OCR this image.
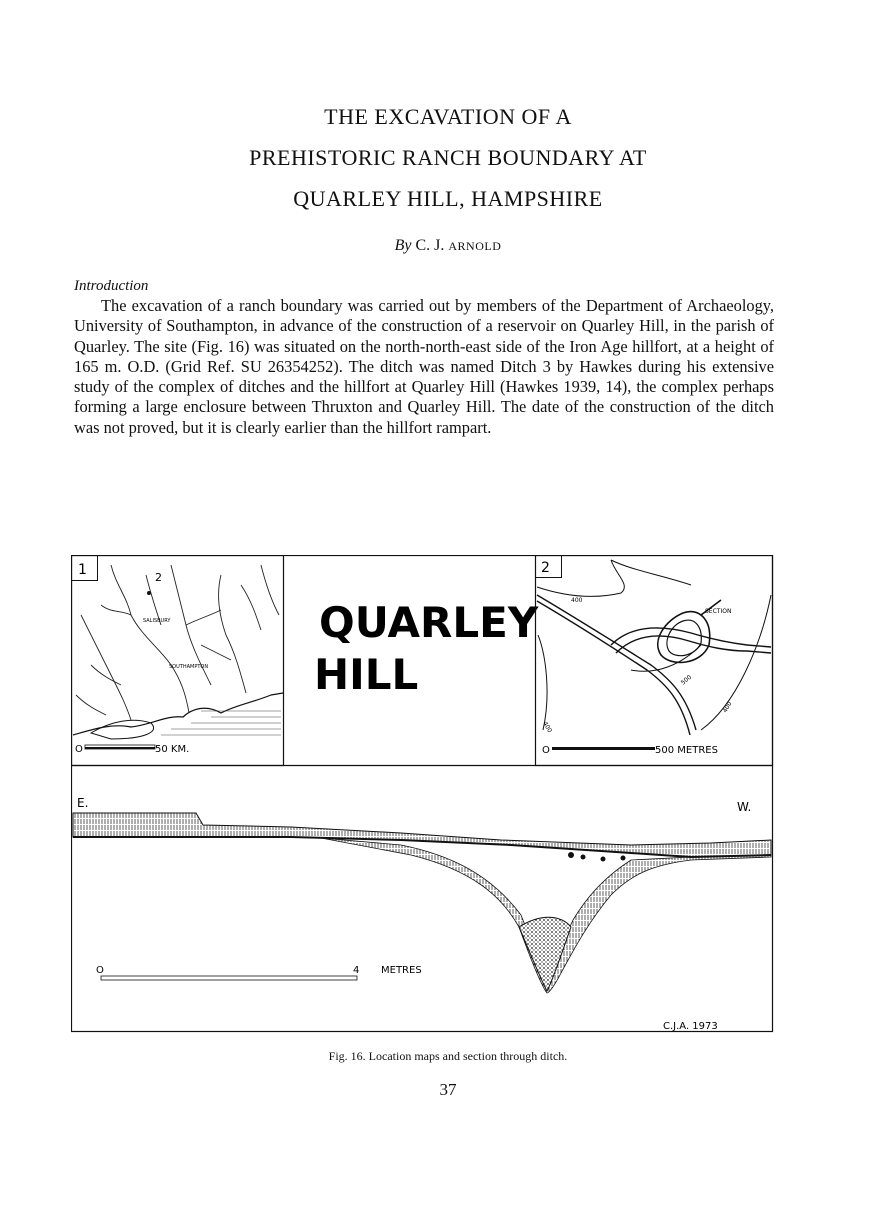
THE EXCAVATION OF A
PREHISTORIC RANCH BOUNDARY AT
QUARLEY HILL, HAMPSHIRE
By C. J. ARNOLD
Introduction

The excavation of a ranch boundary was carried out by members of the Department of Archaeology, University of Southampton, in advance of the construction of a reservoir on Quarley Hill, in the parish of Quarley. The site (Fig. 16) was situated on the north-north-east side of the Iron Age hillfort, at a height of 165 m. O.D. (Grid Ref. SU 26354252). The ditch was named Ditch 3 by Hawkes during his extensive study of the complex of ditches and the hillfort at Quarley Hill (Hawkes 1939, 14), the complex perhaps forming a large enclosure between Thruxton and Quarley Hill. The date of the construction of the ditch was not proved, but it is clearly earlier than the hillfort rampart.

1	2
SALISBURY
SOUTHAMPTON
O	50 KM.
QUARLEY
HILL
2
400
500
400
400
SECTION
O	500 METRES
E.	W.
O	4 METRES
C.J.A. 1973
Fig. 16. Location maps and section through ditch.
37
